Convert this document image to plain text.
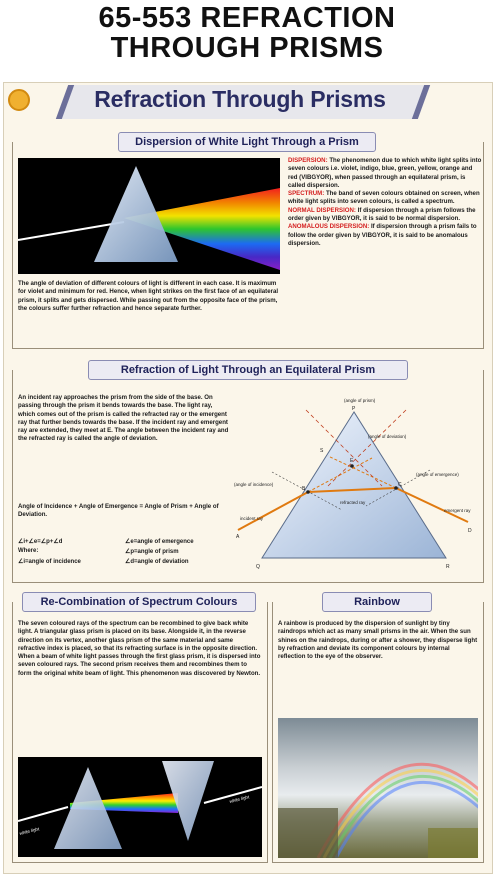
65-553 REFRACTION
THROUGH PRISMS
Refraction Through Prisms
Dispersion of White Light Through a Prism
The angle of deviation of different colours of light is different in each case. It is maximum for violet and minimum for red. Hence, when light strikes on the first face of an equilateral prism, it splits and gets dispersed. While passing out from the opposite face of the prism, the colours suffer further refraction and hence separate further.
DISPERSION: The phenomenon due to which white light splits into seven colours i.e. violet, indigo, blue, green, yellow, orange and red (VIBGYOR), when passed through an equilateral prism, is called dispersion.
SPECTRUM: The band of seven colours obtained on screen, when white light splits into seven colours, is called a spectrum.
NORMAL DISPERSION: If dispersion through a prism follows the order given by VIBGYOR, it is said to be normal dispersion.
ANOMALOUS DISPERSION: If dispersion through a prism fails to follow the order given by VIBGYOR, it is said to be anomalous dispersion.
Refraction of Light Through an Equilateral Prism
An incident ray approaches the prism from the side of the base. On passing through the prism it bends towards the base. The light ray, which comes out of the prism is called the refracted ray or the emergent ray that further bends towards the base. If the incident ray and emergent ray are extended, they meet at E. The angle between the incident ray and the refracted ray is called the angle of deviation.
Angle of Incidence + Angle of Emergence = Angle of Prism + Angle of Deviation.
∠i+∠e=∠p+∠d
Where:
∠i=angle of incidence
∠e=angle of emergence
∠p=angle of prism
∠d=angle of deviation
(angle of prism)
(angle of deviation)
(angle of incidence)
(angle of emergence)
incident ray
emergent ray
refracted ray
A
B
C
D
E
P
Q	R
S
Re-Combination of Spectrum Colours
The seven coloured rays of the spectrum can be recombined to give back white light. A triangular glass prism is placed on its base. Alongside it, in the reverse direction on its vertex, another glass prism of the same material and same refractive index is placed, so that its refracting surface is in the opposite direction. When a beam of white light passes through the first glass prism, it is dispersed into seven coloured rays. The second prism receives them and recombines them to form the original white beam of light. This phenomenon was discovered by Newton.
white light
white light
Rainbow
A rainbow is produced by the dispersion of sunlight by tiny raindrops which act as many small prisms in the air. When the sun shines on the raindrops, during or after a shower, they disperse light by refraction and deviate its component colours by internal reflection to the eye of the observer.
